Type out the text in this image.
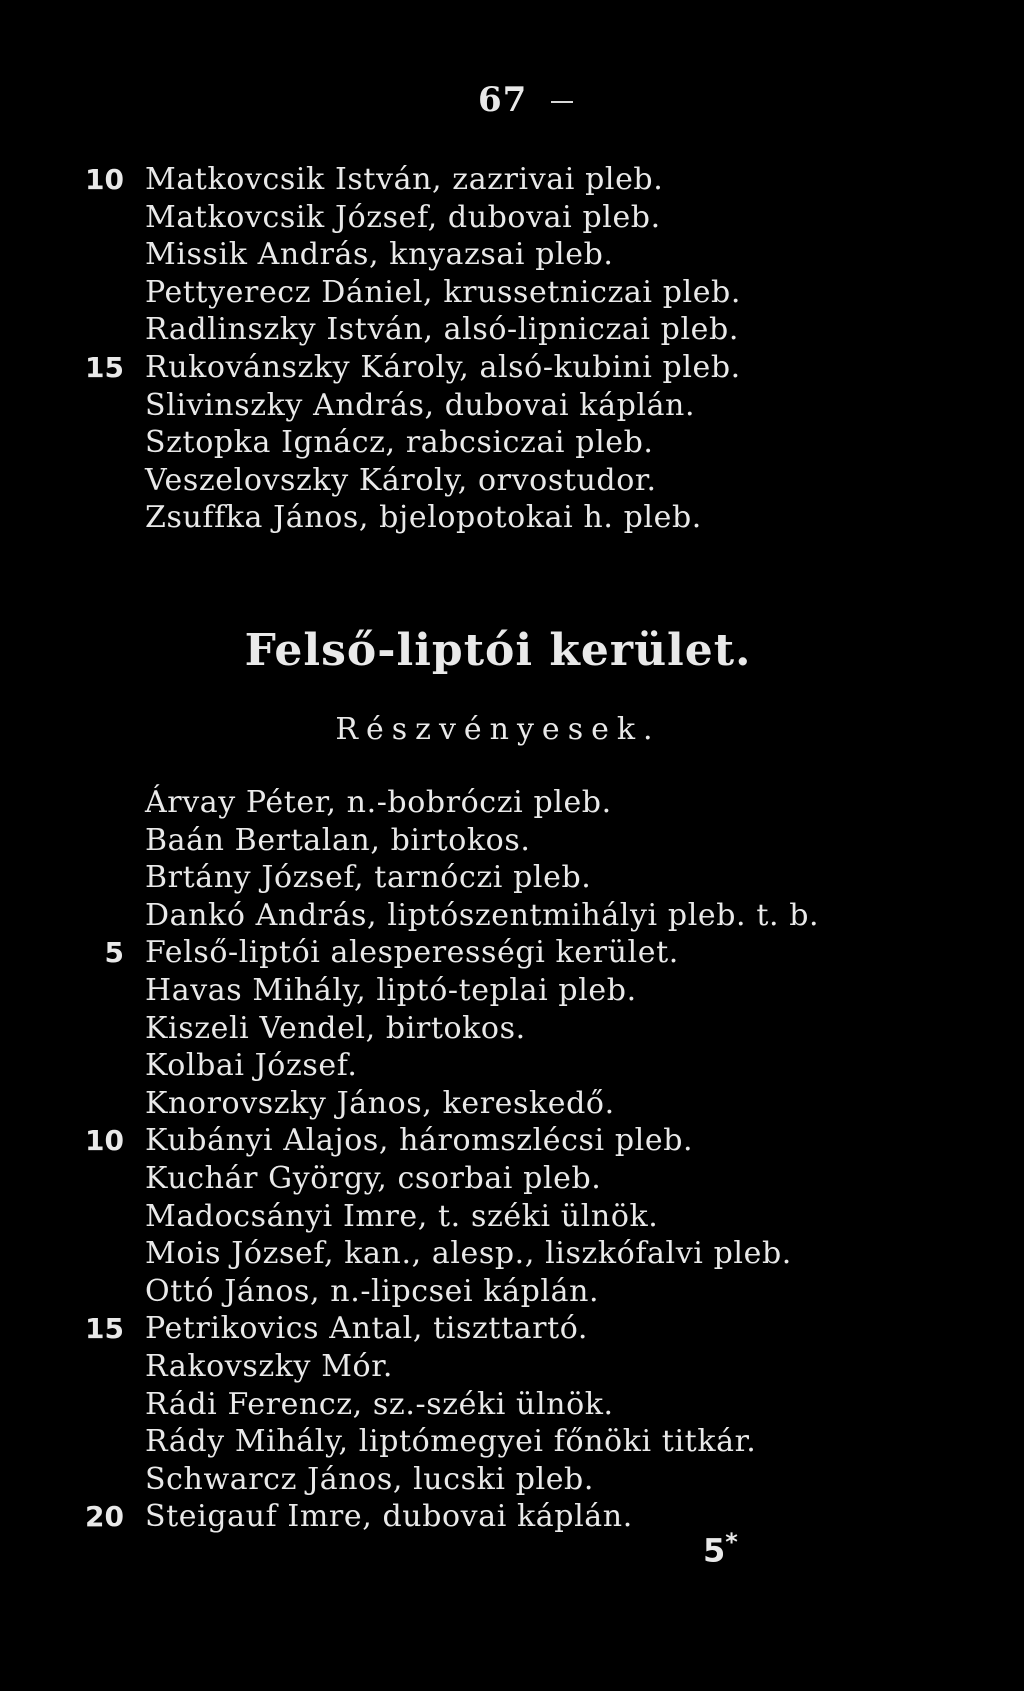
67
10 Matkovcsik István, zazrivai pleb.
Matkovcsik József, dubovai pleb.
Missik András, knyazsai pleb.
Pettyerecz Dániel, krussetniczai pleb.
Radlinszky István, alsó-lipniczai pleb.
15 Rukovánszky Károly, alsó-kubini pleb.
Slivinszky András, dubovai káplán.
Sztopka Ignácz, rabcsiczai pleb.
Veszelovszky Károly, orvostudor.
Zsuffka János, bjelopotokai h. pleb.
Felső-liptói kerület.
Részvényesek.
Árvay Péter, n.-bobróczi pleb.
Baán Bertalan, birtokos.
Brtány József, tarnóczi pleb.
Dankó András, liptószentmihályi pleb. t. b.
5 Felső-liptói alesperességi kerület.
Havas Mihály, liptó-teplai pleb.
Kiszeli Vendel, birtokos.
Kolbai József.
Knorovszky János, kereskedő.
10 Kubányi Alajos, háromszlécsi pleb.
Kuchár György, csorbai pleb.
Madocsányi Imre, t. széki ülnök.
Mois József, kan., alesp., liszkófalvi pleb.
Ottó János, n.-lipcsei káplán.
15 Petrikovics Antal, tiszttartó.
Rakovszky Mór.
Rádi Ferencz, sz.-széki ülnök.
Rády Mihály, liptómegyei főnöki titkár.
Schwarcz János, lucski pleb.
20 Steigauf Imre, dubovai káplán.
5*
